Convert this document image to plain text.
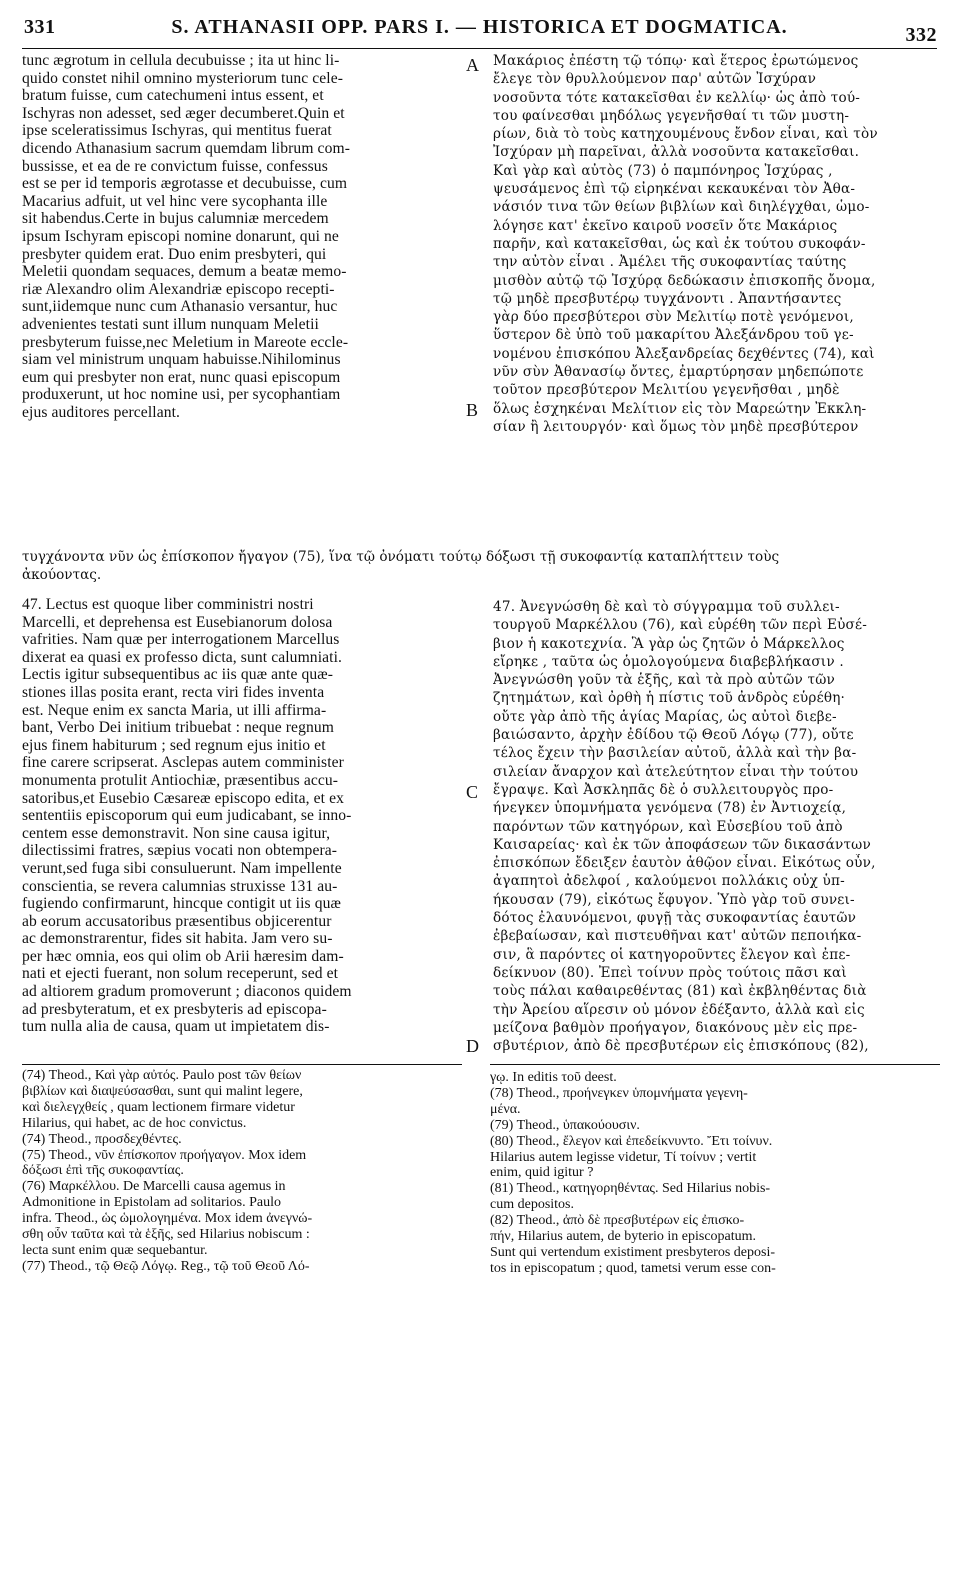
331	S. ATHANASII OPP. PARS I. — HISTORICA ET DOGMATICA.	332
tunc ægrotum in cellula decubuisse ; ita ut hinc li-
quido constet nihil omnino mysteriorum tunc cele-
bratum fuisse, cum catechumeni intus essent, et
Ischyras non adesset, sed æger decumberet.Quin et
ipse sceleratissimus Ischyras, qui mentitus fuerat
dicendo Athanasium sacrum quemdam librum com-
bussisse, et ea de re convictum fuisse, confessus
est se per id temporis ægrotasse et decubuisse, cum
Macarius adfuit, ut vel hinc vere sycophanta ille
sit habendus.Certe in bujus calumniæ mercedem
ipsum Ischyram episcopi nomine donarunt, qui ne
presbyter quidem erat. Duo enim presbyteri, qui
Meletii quondam sequaces, demum a beatæ memo-
riæ Alexandro olim Alexandriæ episcopo recepti-
sunt,iidemque nunc cum Athanasio versantur, huc
advenientes testati sunt illum nunquam Meletii
presbyterum fuisse,nec Meletium in Mareote eccle-
siam vel ministrum unquam habuisse.Nihilominus
eum qui presbyter non erat, nunc quasi episcopum
produxerunt, ut hoc nomine usi, per sycophantiam
ejus auditores percellant.
Μακάριος ἐπέστη τῷ τόπῳ· καὶ ἕτερος ἐρωτώμενος
ἔλεγε τὸν θρυλλούμενον παρ' αὐτῶν Ἰσχύραν
νοσοῦντα τότε κατακεῖσθαι ἐν κελλίῳ· ὡς ἀπὸ τού-
του φαίνεσθαι μηδόλως γεγενῆσθαί τι τῶν μυστη-
ρίων, διὰ τὸ τοὺς κατηχουμένους ἔνδον εἶναι, καὶ τὸν
Ἰσχύραν μὴ παρεῖναι, ἀλλὰ νοσοῦντα κατακεῖσθαι.
Καὶ γὰρ καὶ αὐτὸς (73) ὁ παμπόνηρος Ἰσχύρας ,
ψευσάμενος ἐπὶ τῷ εἰρηκέναι κεκαυκέναι τὸν Ἀθα-
νάσιόν τινα τῶν θείων βιβλίων καὶ διηλέγχθαι, ὡμο-
λόγησε κατ' ἐκεῖνο καιροῦ νοσεῖν ὅτε Μακάριος
παρῆν, καὶ κατακεῖσθαι, ὡς καὶ ἐκ τούτου συκοφάν-
την αὐτὸν εἶναι . Ἀμέλει τῆς συκοφαντίας ταύτης
μισθὸν αὐτῷ τῷ Ἰσχύρᾳ δεδώκασιν ἐπισκοπῆς ὄνομα,
τῷ μηδὲ πρεσβυτέρῳ τυγχάνοντι . Ἀπαντήσαντες
γὰρ δύο πρεσβύτεροι σὺν Μελιτίῳ ποτὲ γενόμενοι,
ὕστερον δὲ ὑπὸ τοῦ μακαρίτου Ἀλεξάνδρου τοῦ γε-
νομένου ἐπισκόπου Ἀλεξανδρείας δεχθέντες (74), καὶ
νῦν σὺν Ἀθανασίῳ ὄντες, ἐμαρτύρησαν μηδεπώποτε
τοῦτον πρεσβύτερον Μελιτίου γεγενῆσθαι , μηδὲ
ὅλως ἐσχηκέναι Μελίτιον εἰς τὸν Μαρεώτην Ἐκκλη-
σίαν ἢ λειτουργόν· καὶ ὅμως τὸν μηδὲ πρεσβύτερον
τυγχάνοντα νῦν ὡς ἐπίσκοπον ἤγαγον (75), ἵνα τῷ ὀνόματι τούτῳ δόξωσι τῇ συκοφαντίᾳ καταπλήττειν τοὺς
ἀκούοντας.
47. Lectus est quoque liber comministri nostri
Marcelli, et deprehensa est Eusebianorum dolosa
vafrities. Nam quæ per interrogationem Marcellus
dixerat ea quasi ex professo dicta, sunt calumniati.
Lectis igitur subsequentibus ac iis quæ ante quæ-
stiones illas posita erant, recta viri fides inventa
est. Neque enim ex sancta Maria, ut illi affirma-
bant, Verbo Dei initium tribuebat : neque regnum
ejus finem habiturum ; sed regnum ejus initio et
fine carere scripserat. Asclepas autem comminister
monumenta protulit Antiochiæ, præsentibus accu-
satoribus,et Eusebio Cæsareæ episcopo edita, et ex
sententiis episcoporum qui eum judicabant, se inno-
centem esse demonstravit. Non sine causa igitur,
dilectissimi fratres, sæpius vocati non obtempera-
verunt,sed fuga sibi consuluerunt. Nam impellente
conscientia, se revera calumnias struxisse 131 au-
fugiendo confirmarunt, hincque contigit ut iis quæ
ab eorum accusatoribus præsentibus objicerentur
ac demonstrarentur, fides sit habita. Jam vero su-
per hæc omnia, eos qui olim ob Arii hæresim dam-
nati et ejecti fuerant, non solum receperunt, sed et
ad altiorem gradum promoverunt ; diaconos quidem
ad presbyteratum, et ex presbyteris ad episcopa-
tum nulla alia de causa, quam ut impietatem dis-
47. Ἀνεγνώσθη δὲ καὶ τὸ σύγγραμμα τοῦ συλλει-
τουργοῦ Μαρκέλλου (76), καὶ εὑρέθη τῶν περὶ Εὐσέ-
βιον ἡ κακοτεχνία. Ἃ γὰρ ὡς ζητῶν ὁ Μάρκελλος
εἴρηκε , ταῦτα ὡς ὁμολογούμενα διαβεβλήκασιν .
Ἀνεγνώσθη γοῦν τὰ ἑξῆς, καὶ τὰ πρὸ αὐτῶν τῶν
ζητημάτων, καὶ ὀρθὴ ἡ πίστις τοῦ ἀνδρὸς εὑρέθη·
οὔτε γὰρ ἀπὸ τῆς ἁγίας Μαρίας, ὡς αὐτοὶ διεβε-
βαιώσαντο, ἀρχὴν ἐδίδου τῷ Θεοῦ Λόγῳ (77), οὔτε
τέλος ἔχειν τὴν βασιλείαν αὐτοῦ, ἀλλὰ καὶ τὴν βα-
σιλείαν ἄναρχον καὶ ἀτελεύτητον εἶναι τὴν τούτου
ἔγραψε. Καὶ Ἀσκληπᾶς δὲ ὁ συλλειτουργὸς προ-
ήνεγκεν ὑπομνήματα γενόμενα (78) ἐν Ἀντιοχείᾳ,
παρόντων τῶν κατηγόρων, καὶ Εὐσεβίου τοῦ ἀπὸ
Καισαρείας· καὶ ἐκ τῶν ἀποφάσεων τῶν δικασάντων
ἐπισκόπων ἔδειξεν ἑαυτὸν ἀθῷον εἶναι. Εἰκότως οὖν,
ἀγαπητοὶ ἀδελφοί , καλούμενοι πολλάκις οὐχ ὑπ-
ήκουσαν (79), εἰκότως ἔφυγον. Ὑπὸ γὰρ τοῦ συνει-
δότος ἐλαυνόμενοι, φυγῇ τὰς συκοφαντίας ἑαυτῶν
ἐβεβαίωσαν, καὶ πιστευθῆναι κατ' αὐτῶν πεποιήκα-
σιν, ἃ παρόντες οἱ κατηγοροῦντες ἔλεγον καὶ ἐπε-
δείκνυον (80). Ἐπεὶ τοίνυν πρὸς τούτοις πᾶσι καὶ
τοὺς πάλαι καθαιρεθέντας (81) καὶ ἐκβληθέντας διὰ
τὴν Ἀρείου αἵρεσιν οὐ μόνον ἐδέξαντο, ἀλλὰ καὶ εἰς
μείζονα βαθμὸν προήγαγον, διακόνους μὲν εἰς πρε-
σβυτέριον, ἀπὸ δὲ πρεσβυτέρων εἰς ἐπισκόπους (82),
A
B
C
D
(74) Theod., Καὶ γὰρ αὐτός. Paulo post τῶν θείων
βιβλίων καὶ διαψεύσασθαι, sunt qui malint legere,
καὶ διελεγχθείς , quam lectionem firmare videtur
Hilarius, qui habet, ac de hoc convictus.
(74) Theod., προσδεχθέντες.
(75) Theod., νῦν ἐπίσκοπον προήγαγον. Mox idem
δόξωσι ἐπὶ τῆς συκοφαντίας.
(76) Μαρκέλλου. De Marcelli causa agemus in
Admonitione in Epistolam ad solitarios. Paulo
infra. Theod., ὡς ὡμολογημένα. Mox idem ἀνεγνώ-
σθη οὖν ταῦτα καὶ τὰ ἑξῆς, sed Hilarius nobiscum :
lecta sunt enim quæ sequebantur.
(77) Theod., τῷ Θεῷ Λόγῳ. Reg., τῷ τοῦ Θεοῦ Λό-
γῳ. In editis τοῦ deest.
(78) Theod., προήνεγκεν ὑπομνήματα γεγενη-
μένα.
(79) Theod., ὑπακούουσιν.
(80) Theod., ἔλεγον καὶ ἐπεδείκνυντο. Ἔτι τοίνυν.
Hilarius autem legisse videtur, Τί τοίνυν ; vertit
enim, quid igitur ?
(81) Theod., κατηγορηθέντας. Sed Hilarius nobis-
cum depositos.
(82) Theod., ἀπὸ δὲ πρεσβυτέρων εἰς ἐπισκο-
πήν, Hilarius autem, de byterio in episcopatum.
Sunt qui vertendum existiment presbyteros deposi-
tos in episcopatum ; quod, tametsi verum esse con-
